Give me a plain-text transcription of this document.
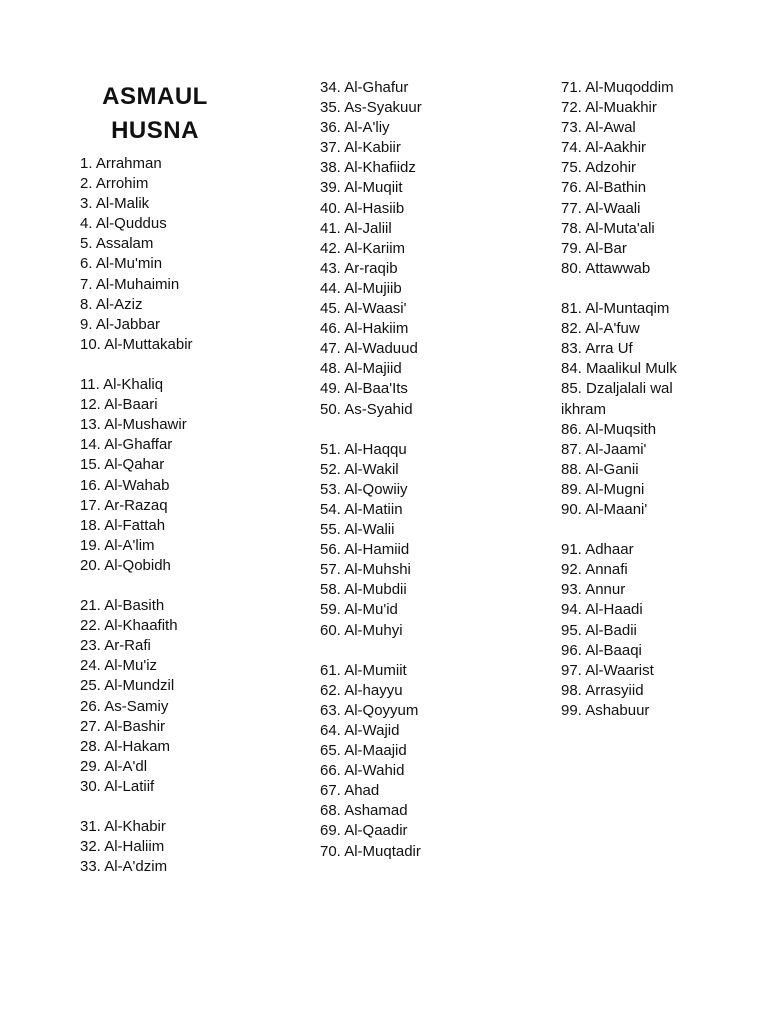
ASMAUL
HUSNA
1. Arrahman
2. Arrohim
3. Al-Malik
4. Al-Quddus
5. Assalam
6. Al-Mu'min
7. Al-Muhaimin
8. Al-Aziz
9. Al-Jabbar
10. Al-Muttakabir
11. Al-Khaliq
12. Al-Baari
13. Al-Mushawir
14. Al-Ghaffar
15. Al-Qahar
16. Al-Wahab
17. Ar-Razaq
18. Al-Fattah
19. Al-A'lim
20. Al-Qobidh
21. Al-Basith
22. Al-Khaafith
23. Ar-Rafi
24. Al-Mu'iz
25. Al-Mundzil
26. As-Samiy
27. Al-Bashir
28. Al-Hakam
29. Al-A'dl
30. Al-Latiif
31. Al-Khabir
32. Al-Haliim
33. Al-A'dzim
34. Al-Ghafur
35. As-Syakuur
36. Al-A'liy
37. Al-Kabiir
38. Al-Khafiidz
39. Al-Muqiit
40. Al-Hasiib
41. Al-Jaliil
42. Al-Kariim
43. Ar-raqib
44. Al-Mujiib
45. Al-Waasi'
46. Al-Hakiim
47. Al-Waduud
48. Al-Majiid
49. Al-Baa'Its
50. As-Syahid
51. Al-Haqqu
52. Al-Wakil
53. Al-Qowiiy
54. Al-Matiin
55. Al-Walii
56. Al-Hamiid
57. Al-Muhshi
58. Al-Mubdii
59. Al-Mu'id
60. Al-Muhyi
61. Al-Mumiit
62. Al-hayyu
63. Al-Qoyyum
64. Al-Wajid
65. Al-Maajid
66. Al-Wahid
67. Ahad
68. Ashamad
69. Al-Qaadir
70. Al-Muqtadir
71. Al-Muqoddim
72. Al-Muakhir
73. Al-Awal
74. Al-Aakhir
75. Adzohir
76. Al-Bathin
77. Al-Waali
78. Al-Muta'ali
79. Al-Bar
80. Attawwab
81. Al-Muntaqim
82. Al-A'fuw
83. Arra Uf
84. Maalikul Mulk
85. Dzaljalali wal
ikhram
86. Al-Muqsith
87. Al-Jaami'
88. Al-Ganii
89. Al-Mugni
90. Al-Maani'
91. Adhaar
92. Annafi
93. Annur
94. Al-Haadi
95. Al-Badii
96. Al-Baaqi
97. Al-Waarist
98. Arrasyiid
99. Ashabuur
